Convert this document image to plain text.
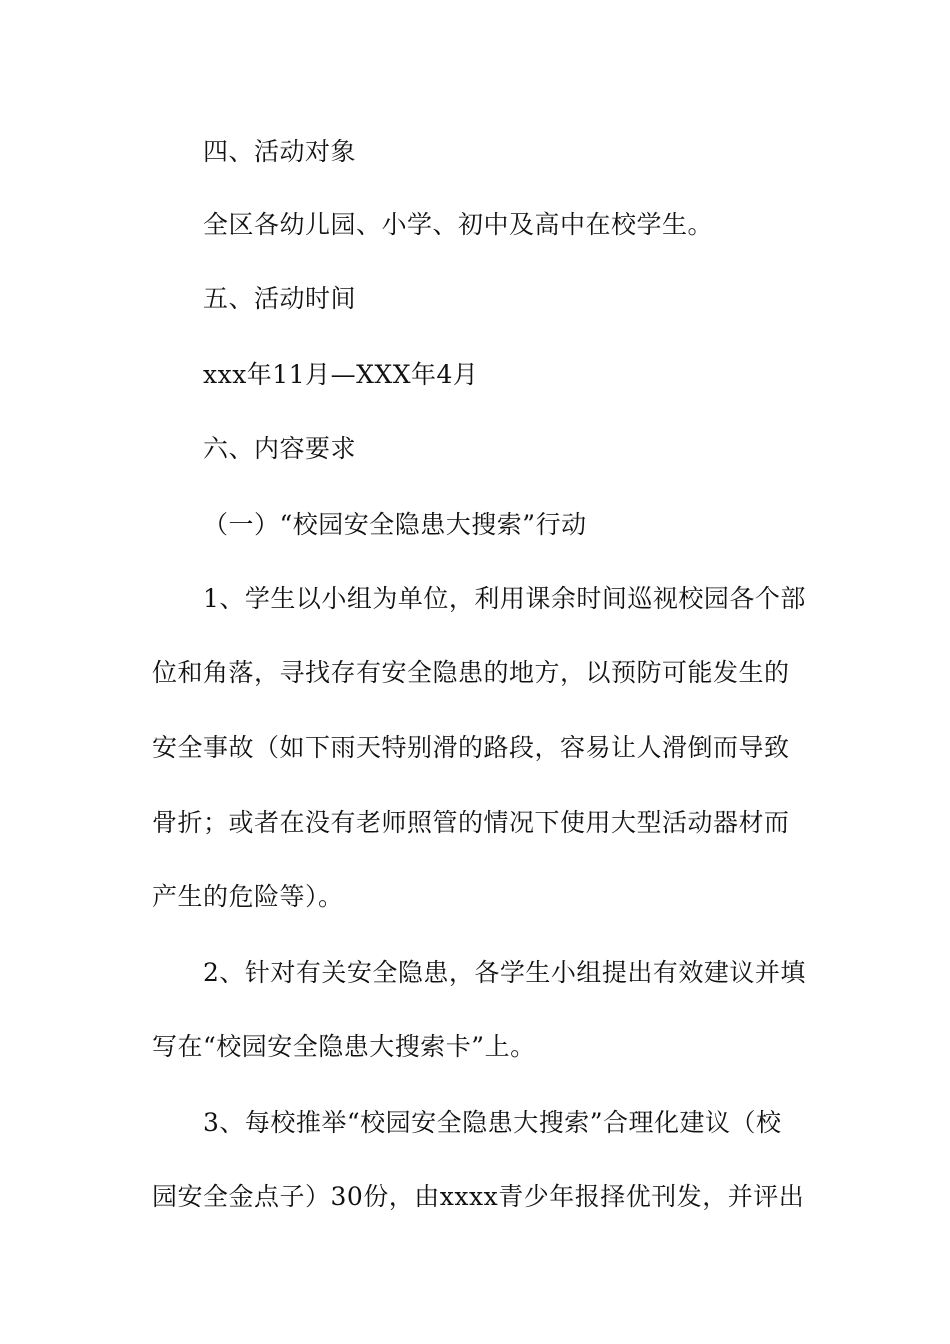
四、活动对象
全区各幼儿园、小学、初中及高中在校学生。
五、活动时间
xxx年11月—XXX年4月
六、内容要求
（一）“校园安全隐患大搜索”行动
1、学生以小组为单位，利用课余时间巡视校园各个部
位和角落，寻找存有安全隐患的地方，以预防可能发生的
安全事故（如下雨天特别滑的路段，容易让人滑倒而导致
骨折；或者在没有老师照管的情况下使用大型活动器材而
产生的危险等）。
2、针对有关安全隐患，各学生小组提出有效建议并填
写在“校园安全隐患大搜索卡”上。
3、每校推举“校园安全隐患大搜索”合理化建议（校
园安全金点子）30份，由xxxx青少年报择优刊发，并评出
